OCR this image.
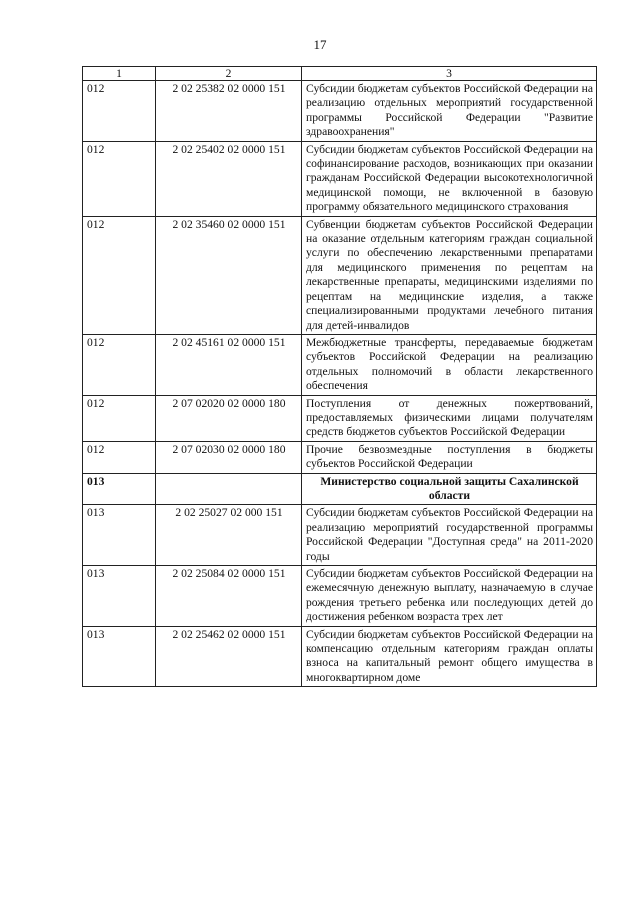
17
1	2	3
012	2 02 25382 02 0000 151	Субсидии бюджетам субъектов Российской Федерации на реализацию отдельных мероприятий государственной программы Российской Федерации "Развитие здравоохранения"
012	2 02 25402 02 0000 151	Субсидии бюджетам субъектов Российской Федерации на софинансирование расходов, возникающих при оказании гражданам Российской Федерации высокотехнологичной медицинской помощи, не включенной в базовую программу обязательного медицинского страхования
012	2 02 35460 02 0000 151	Субвенции бюджетам субъектов Российской Федерации на оказание отдельным категориям граждан социальной услуги по обеспечению лекарственными препаратами для медицинского применения по рецептам на лекарственные препараты, медицинскими изделиями по рецептам на медицинские изделия, а также специализированными продуктами лечебного питания для детей-инвалидов
012	2 02 45161 02 0000 151	Межбюджетные трансферты, передаваемые бюджетам субъектов Российской Федерации на реализацию отдельных полномочий в области лекарственного обеспечения
012	2 07 02020 02 0000 180	Поступления от денежных пожертвований, предоставляемых физическими лицами получателям средств бюджетов субъектов Российской Федерации
012	2 07 02030 02 0000 180	Прочие безвозмездные поступления в бюджеты субъектов Российской Федерации
013		Министерство социальной защиты Сахалинской области
013	2 02 25027 02 000 151	Субсидии бюджетам субъектов Российской Федерации на реализацию мероприятий государственной программы Российской Федерации "Доступная среда" на 2011-2020 годы
013	2 02 25084 02 0000 151	Субсидии бюджетам субъектов Российской Федерации на ежемесячную денежную выплату, назначаемую в случае рождения третьего ребенка или последующих детей до достижения ребенком возраста трех лет
013	2 02 25462 02 0000 151	Субсидии бюджетам субъектов Российской Федерации на компенсацию отдельным категориям граждан оплаты взноса на капитальный ремонт общего имущества в многоквартирном доме
